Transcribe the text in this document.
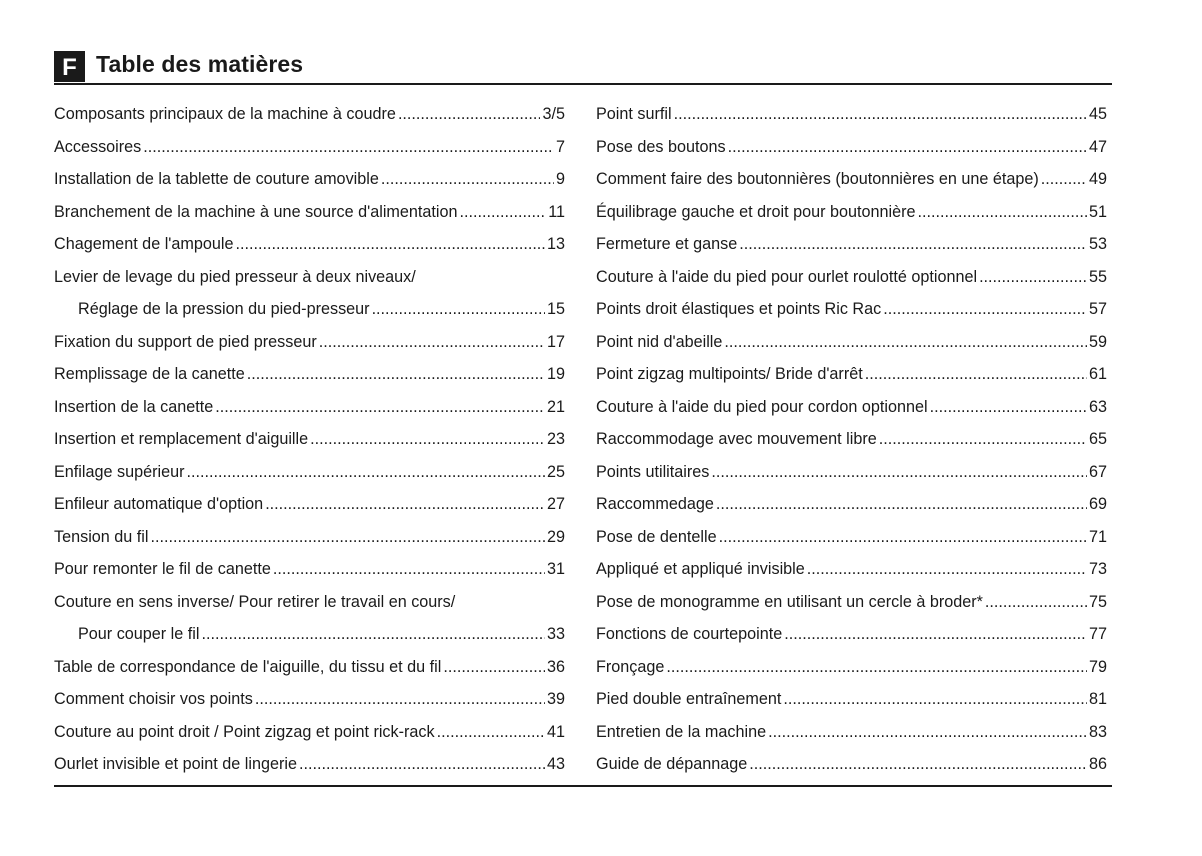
F Table des matières
Composants principaux de la machine à coudre .....	3/5
Accessoires .....	7
Installation de la tablette de couture amovible .....	9
Branchement de la machine à une source d'alimentation .....	11
Chagement de l'ampoule .....	13
Levier de levage du pied presseur à deux niveaux/
Réglage de la pression du pied-presseur .....	15
Fixation du support de pied presseur .....	17
Remplissage de la canette .....	19
Insertion de la canette .....	21
Insertion et remplacement d'aiguille .....	23
Enfilage supérieur .....	25
Enfileur automatique d'option .....	27
Tension du fil .....	29
Pour remonter le fil de canette .....	31
Couture en sens inverse/ Pour retirer le travail en cours/
Pour couper le fil .....	33
Table de correspondance de l'aiguille, du tissu et du fil .....	36
Comment choisir vos points .....	39
Couture au point droit / Point zigzag et point rick-rack .....	41
Ourlet invisible et point de lingerie .....	43
Point surfil .....	45
Pose des boutons .....	47
Comment faire des boutonnières (boutonnières en une étape) .....	49
Équilibrage gauche et droit pour boutonnière .....	51
Fermeture et ganse .....	53
Couture à l'aide du pied pour ourlet roulotté optionnel .....	55
Points droit élastiques et points Ric Rac .....	57
Point nid d'abeille .....	59
Point zigzag multipoints/ Bride d'arrêt .....	61
Couture à l'aide du pied pour cordon optionnel .....	63
Raccommodage avec mouvement libre .....	65
Points utilitaires .....	67
Raccommedage .....	69
Pose de dentelle .....	71
Appliqué et appliqué invisible .....	73
Pose de monogramme en utilisant un cercle à broder* .....	75
Fonctions de courtepointe .....	77
Fronçage .....	79
Pied double entraînement .....	81
Entretien de la machine .....	83
Guide de dépannage .....	86
